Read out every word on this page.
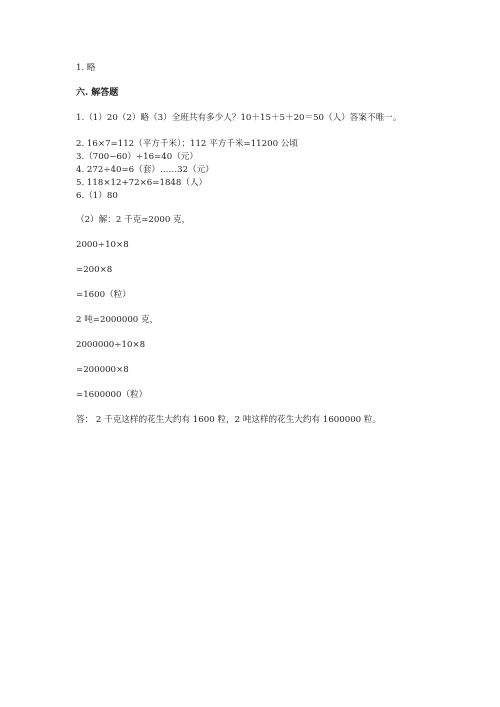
1. 略
六. 解答题
1.（1）20（2）略（3）全班共有多少人？10＋15＋5＋20＝50（人）答案不唯一。
2. 16×7=112（平方千米）；112 平方千米=11200 公顷
3.（700−60）÷16=40（元）
4. 272÷40=6（套）……32（元）
5. 118×12+72×6=1848（人）
6.（1）80
（2）解：2 千克=2000 克，
2000÷10×8
=200×8
=1600（粒）
2 吨=2000000 克，
2000000÷10×8
=200000×8
=1600000（粒）
答： 2 千克这样的花生大约有 1600 粒，2 吨这样的花生大约有 1600000 粒。
